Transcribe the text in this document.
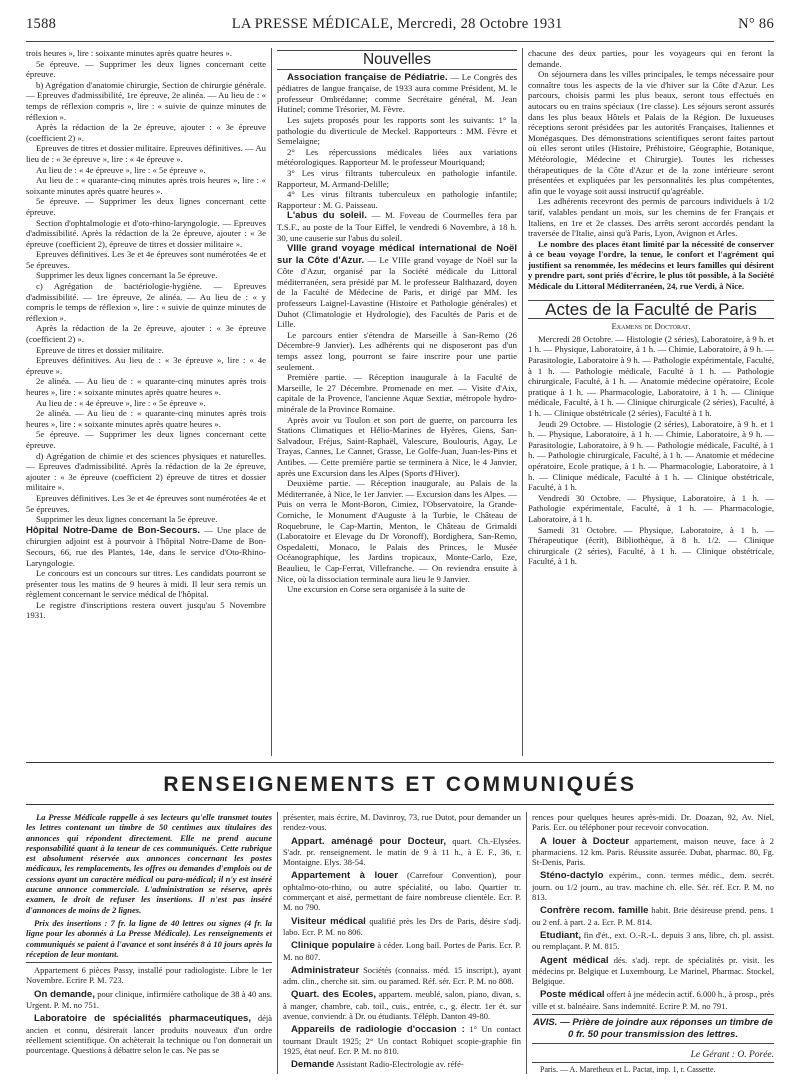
1588	LA PRESSE MÉDICALE, Mercredi, 28 Octobre 1931	N° 86

trois heures », lire : soixante minutes après quatre heures ».

5e épreuve. — Supprimer les deux lignes concernant cette épreuve.

b) Agrégation d'anatomie chirurgie, Section de chirurgie générale. — Epreuves d'admissibilité, 1re épreuve, 2e alinéa. — Au lieu de : « temps de réflexion compris », lire : « suivie de quinze minutes de réflexion ».

Après la rédaction de la 2e épreuve, ajouter : « 3e épreuve (coefficient 2) ».

Epreuves de titres et dossier militaire. Epreuves définitives. — Au lieu de : « 3e épreuve », lire : « 4e épreuve ».

Au lieu de : « 4e épreuve », lire : « 5e épreuve ».

Au lieu de : « quarante-cinq minutes après trois heures », lire : « soixante minutes après quatre heures ».

5e épreuve. — Supprimer les deux lignes concernant cette épreuve.

Section d'ophtalmologie et d'oto-rhino-laryngologie. — Epreuves d'admissibilité. Après la rédaction de la 2e épreuve, ajouter : « 3e épreuve (coefficient 2), épreuve de titres et dossier militaire ».

Epreuves définitives. Les 3e et 4e épreuves sont numérotées 4e et 5e épreuves.

Supprimer les deux lignes concernant la 5e épreuve.

c) Agrégation de bactériologie-hygiène. — Epreuves d'admissibilité. — 1re épreuve, 2e alinéa. — Au lieu de : « y compris le temps de réflexion », lire : « suivie de quinze minutes de réflexion ».

Après la rédaction de la 2e épreuve, ajouter : « 3e épreuve (coefficient 2) ».

Epreuve de titres et dossier militaire.

Epreuves définitives. Au lieu de : « 3e épreuve », lire : « 4e épreuve ».

2e alinéa. — Au lieu de : « quarante-cinq minutes après trois heures », lire : « soixante minutes après quatre heures ».

Au lieu de : « 4e épreuve », lire : « 5e épreuve ».

2e alinéa. — Au lieu de : « quarante-cinq minutes après trois heures », lire : « soixante minutes après quatre heures ».

5e épreuve. — Supprimer les deux lignes concernant cette épreuve.

d) Agrégation de chimie et des sciences physiques et naturelles. — Epreuves d'admissibilité. Après la rédaction de la 2e épreuve, ajouter : « 3e épreuve (coefficient 2) épreuve de titres et dossier militaire ».

Epreuves définitives. Les 3e et 4e épreuves sont numérotées 4e et 5e épreuves.

Supprimer les deux lignes concernant la 5e épreuve.

Hôpital Notre-Dame de Bon-Secours. — Une place de chirurgien adjoint est à pourvoir à l'hôpital Notre-Dame de Bon-Secours, 66, rue des Plantes, 14e, dans le service d'Oto-Rhino-Laryngologie.

Le concours est un concours sur titres. Les candidats pourront se présenter tous les matins de 9 heures à midi. Il leur sera remis un règlement concernant le service médical de l'hôpital.

Le registre d'inscriptions restera ouvert jusqu'au 5 Novembre 1931.

Nouvelles

Association française de Pédiatrie. — Le Congrès des pédiatres de langue française, de 1933 aura comme Président, M. le professeur Ombrédanne; comme Secrétaire général, M. Jean Hutinel; comme Trésorier, M. Fèvre.

Les sujets proposés pour les rapports sont les suivants: 1° la pathologie du diverticule de Meckel. Rapporteurs : MM. Fèvre et Semelaigne;

2° Les répercussions médicales liées aux variations météorologiques. Rapporteur M. le professeur Mouriquand;

3° Les virus filtrants tuberculeux en pathologie infantile. Rapporteur, M. Armand-Delille;

4° Les virus filtrants tuberculeux en pathologie infantile; Rapporteur : M. G. Paisseau.

L'abus du soleil. — M. Foveau de Courmelles fera par T.S.F., au poste de la Tour Eiffel, le vendredi 6 Novembre, à 18 h. 30, une causerie sur l'abus du soleil.

VIIIe grand voyage médical international de Noël sur la Côte d'Azur. — Le VIIIe grand voyage de Noël sur la Côte d'Azur, organisé par la Société médicale du Littoral méditerranéen, sera présidé par M. le professeur Balthazard, doyen de la Faculté de Médecine de Paris, et dirigé par MM. les professeurs Laignel-Lavastine (Histoire et Pathologie générales) et Duhot (Climatologie et Hydrologie), des Facultés de Paris et de Lille.

Le parcours entier s'étendra de Marseille à San-Remo (26 Décembre-9 Janvier). Les adhérents qui ne disposeront pas d'un temps assez long, pourront se faire inscrire pour une partie seulement.

Première partie. — Réception inaugurale à la Faculté de Marseille, le 27 Décembre. Promenade en mer. — Visite d'Aix, capitale de la Provence, l'ancienne Aquæ Sextiæ, métropole hydro-minérale de la Province Romaine.

Après avoir vu Toulon et son port de guerre, on parcourra les Stations Climatiques et Hélio-Marines de Hyères, Giens, San-Salvadour, Fréjus, Saint-Raphaël, Valescure, Boulouris, Agay, Le Trayas, Cannes, Le Cannet, Grasse, Le Golfe-Juan, Juan-les-Pins et Antibes. — Cette première partie se terminera à Nice, le 4 Janvier, après une Excursion dans les Alpes (Sports d'Hiver).

Deuxième partie. — Réception inaugurale, au Palais de la Méditerranée, à Nice, le 1er Janvier. — Excursion dans les Alpes. — Puis on verra le Mont-Boron, Cimiez, l'Observatoire, la Grande-Corniche, le Monument d'Auguste à la Turbie, le Château de Roquebrune, le Cap-Martin, Menton, le Château de Grimaldi (Laboratoire et Elevage du Dr Voronoff), Bordighera, San-Remo, Ospedaletti, Monaco, le Palais des Princes, le Musée Océanographique, les Jardins tropicaux, Monte-Carlo, Eze, Beaulieu, le Cap-Ferrat, Villefranche. — On reviendra ensuite à Nice, où la dissociation terminale aura lieu le 9 Janvier.

Une excursion en Corse sera organisée à la suite de

chacune des deux parties, pour les voyageurs qui en feront la demande.

On séjournera dans les villes principales, le temps nécessaire pour connaître tous les aspects de la vie d'hiver sur la Côte d'Azur. Les parcours, choisis parmi les plus beaux, seront tous effectués en autocars ou en trains spéciaux (1re classe). Les séjours seront assurés dans les plus beaux Hôtels et Palais de la Région. De luxueuses réceptions seront présidées par les autorités Françaises, Italiennes et Monégasques. Des démonstrations scientifiques seront faites partout où elles seront utiles (Histoire, Préhistoire, Géographie, Botanique, Météorologie, Médecine et Chirurgie). Toutes les richesses thérapeutiques de la Côte d'Azur et de la zone intérieure seront présentées et expliquées par les personnalités les plus compétentes, afin que le voyage soit aussi instructif qu'agréable.

Les adhérents recevront des permis de parcours individuels à 1/2 tarif, valables pendant un mois, sur les chemins de fer Français et Italiens, en 1re et 2e classes. Des arrêts seront accordés pendant la traversée de l'Italie, ainsi qu'à Paris, Lyon, Avignon et Arles.

Le nombre des places étant limité par la nécessité de conserver à ce beau voyage l'ordre, la tenue, le confort et l'agrément qui justifient sa renommée, les médecins et leurs familles qui désirent y prendre part, sont priés d'écrire, le plus tôt possible, à la Société Médicale du Littoral Méditerranéen, 24, rue Verdi, à Nice.

Actes de la Faculté de Paris

Examens de Doctorat.

Mercredi 28 Octobre. — Histologie (2 séries), Laboratoire, à 9 h. et 1 h. — Physique, Laboratoire, à 1 h. — Chimie, Laboratoire, à 9 h. — Parasitologie, Laboratoire à 9 h. — Pathologie expérimentale, Faculté, à 1 h. — Pathologie médicale, Faculté à 1 h. — Pathologie chirurgicale, Faculté, à 1 h. — Anatomie médecine opératoire, Ecole pratique à 1 h. — Pharmacologie, Laboratoire, à 1 h. — Clinique médicale, Faculté, à 1 h. — Clinique chirurgicale (2 séries), Faculté, à 1 h. — Clinique obstétricale (2 séries), Faculté à 1 h.

Jeudi 29 Octobre. — Histologie (2 séries), Laboratoire, à 9 h. et 1 h. — Physique, Laboratoire, à 1 h. — Chimie, Laboratoire, à 9 h. — Parasitologie, Laboratoire, à 9 h. — Pathologie médicale, Faculté, à 1 h. — Pathologie chirurgicale, Faculté, à 1 h. — Anatomie et médecine opératoire, Ecole pratique, à 1 h. — Pharmacologie, Laboratoire, à 1 h. — Clinique médicale, Faculté à 1 h. — Clinique obstétricale, Faculté, à 1 h.

Vendredi 30 Octobre. — Physique, Laboratoire, à 1 h. — Pathologie expérimentale, Faculté, à 1 h. — Pharmacologie, Laboratoire, à 1 h.

Samedi 31 Octobre. — Physique, Laboratoire, à 1 h. — Thérapeutique (écrit), Bibliothèque, à 8 h. 1/2. — Clinique chirurgicale (2 séries), Faculté, à 1 h. — Clinique obstétricale, Faculté, à 1 h.

RENSEIGNEMENTS ET COMMUNIQUÉS

La Presse Médicale rappelle à ses lecteurs qu'elle transmet toutes les lettres contenant un timbre de 50 centimes aux titulaires des annonces qui répondent directement. Elle ne prend aucune responsabilité quant à la teneur de ces communiqués. Cette rubrique est absolument réservée aux annonces concernant les postes médicaux, les remplacements, les offres ou demandes d'emplois ou de cessions ayant un caractère médical ou para-médical; il n'y est inséré aucune annonce commerciale. L'administration se réserve, après examen, le droit de refuser les insertions. Il n'est pas inséré d'annonces de moins de 2 lignes.

Prix des insertions : 7 fr. la ligne de 40 lettres ou signes (4 fr. la ligne pour les abonnés à La Presse Médicale). Les renseignements et communiqués se paient à l'avance et sont insérés 8 à 10 jours après la réception de leur montant.

Appartement 6 pièces Passy, installé pour radiologiste. Libre le 1er Novembre. Ecrire P. M. 723.

On demande, pour clinique, infirmière catholique de 38 à 40 ans. Urgent. P. M. no 751.

Laboratoire de spécialités pharmaceutiques, déjà ancien et connu, désirerait lancer produits nouveaux d'un ordre réellement scientifique. On achèterait la technique ou l'on donnerait un pourcentage. Questions à débattre selon le cas. Ne pas se

présenter, mais écrire, M. Davinroy, 73, rue Dutot, pour demander un rendez-vous.

Appart. aménagé pour Docteur, quart. Ch.-Elysées. S'adr. pr. renseignement. le matin de 9 à 11 h., à E. F., 36, r. Montaigne. Elys. 38-54.

Appartement à louer (Carrefour Convention), pour ophtalmo-oto-rhino, ou autre spécialité, ou labo. Quartier tr. commerçant et aisé, permettant de faire nombreuse clientèle. Ecr. P. M. no 790.

Visiteur médical qualifié près les Drs de Paris, désire s'adj. labo. Ecr. P. M. no 806.

Clinique populaire à céder. Long bail. Portes de Paris. Ecr. P. M. no 807.

Administrateur Sociétés (connaiss. méd. 15 inscript.), ayant adm. clin., cherche sit. sim. ou paramed. Réf. sér. Ecr. P. M. no 808.

Quart. des Ecoles, appartem. meublé, salon, piano, divan, s. à manger, chambre, cab. toil., cuis., entrée, c., g. électr. 1er ét. sur avenue, conviendr. à Dr. ou étudiants. Téléph. Danton 49-80.

Appareils de radiologie d'occasion : 1° Un contact tournant Drault 1925; 2° Un contact Robiquet scopie-graphie fin 1925, état neuf. Ecr. P. M. no 810.

Demande Assistant Radio-Electrologie av. réfé-

rences pour quelques heures après-midi. Dr. Doazan, 92, Av. Niel, Paris. Ecr. ou téléphoner pour recevoir convocation.

A louer à Docteur appartement, maison neuve, face à 2 pharmaciens. 12 km. Paris. Réussite assurée. Dubat, pharmac. 80, Fg. St-Denis, Paris.

Sténo-dactylo expérim., conn. termes médic., dem. secrét. journ. ou 1/2 journ., au trav. machine ch. elle. Sér. réf. Ecr. P. M. no 813.

Confrère recom. famille habit. Brie désireuse prend. pens. 1 ou 2 enf. à part. 2 a. Ecr. P. M. 814.

Etudiant, fin d'ét., ext. O.-R.-L. depuis 3 ans, libre, ch. pl. assist. ou remplaçant. P. M. 815.

Agent médical dés. s'adj. repr. de spécialités pr. visit. les médecins pr. Belgique et Luxembourg. Le Marinel, Pharmac. Stockel, Belgique.

Poste médical offert à jne médecin actif. 6.000 h., à prosp., près ville et st. balnéaire. Sans indemnité. Ecrire P. M. no 791.

AVIS. — Prière de joindre aux réponses un timbre de 0 fr. 50 pour transmission des lettres.
Le Gérant : O. Porée.

Paris. — A. Maretheux et L. Pactat, imp. 1, r. Cassette.
